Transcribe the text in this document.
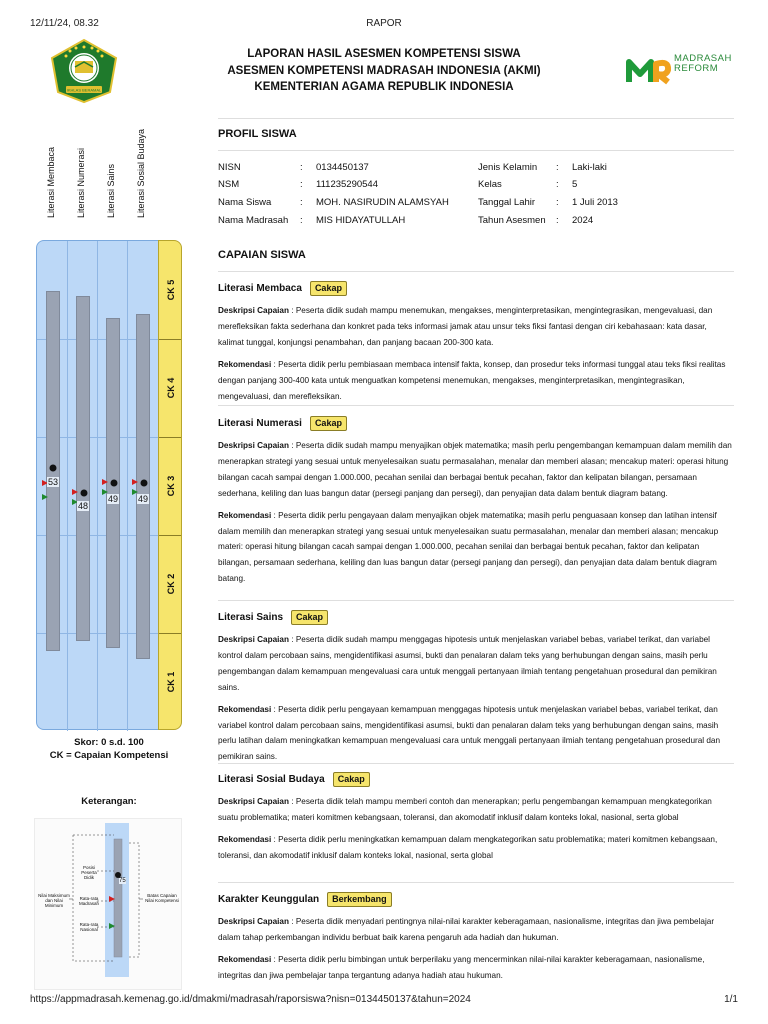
12/11/24, 08.32	RAPOR
IKHLAS BERAMAL
LAPORAN HASIL ASESMEN KOMPETENSI SISWA
ASESMEN KOMPETENSI MADRASAH INDONESIA (AKMI)
KEMENTERIAN AGAMA REPUBLIK INDONESIA
MADRASAH
REFORM
Literasi Membaca Literasi Numerasi Literasi Sains Literasi Sosial Budaya
53
48
49 49
CK 5
CK 4
CK 3
CK 2
CK 1
Skor: 0 s.d. 100
CK = Capaian Kompetensi
Keterangan:
75
Posisi Peserta Didik
Rata-rata Madrasah
Rata-rata Nasional
Nilai Maksimum dan Nilai Minimum
Batas Capaian Nilai Kompetensi
PROFIL SISWA
NISN	: 0134450137	Jenis Kelamin : Laki-laki
NSM	: 111235290544	Kelas	: 5
Nama Siswa	: MOH. NASIRUDIN ALAMSYAH	Tanggal Lahir : 1 Juli 2013
Nama Madrasah : MIS HIDAYATULLAH	Tahun Asesmen : 2024
CAPAIAN SISWA
Literasi Membaca	Cakap

Deskripsi Capaian : Peserta didik sudah mampu menemukan, mengakses, menginterpretasikan, mengintegrasikan, mengevaluasi, dan merefleksikan fakta sederhana dan konkret pada teks informasi jamak atau unsur teks fiksi fantasi dengan ciri kebahasaan: kata dasar, kalimat tunggal, konjungsi penambahan, dan panjang bacaan 200-300 kata.

Rekomendasi : Peserta didik perlu pembiasaan membaca intensif fakta, konsep, dan prosedur teks informasi tunggal atau teks fiksi realitas dengan panjang 300-400 kata untuk menguatkan kompetensi menemukan, mengakses, menginterpretasikan, mengintegrasikan, mengevaluasi, dan merefleksikan.

Literasi Numerasi	Cakap

Deskripsi Capaian : Peserta didik sudah mampu menyajikan objek matematika; masih perlu pengembangan kemampuan dalam memilih dan menerapkan strategi yang sesuai untuk menyelesaikan suatu permasalahan, menalar dan memberi alasan; mencakup materi: operasi hitung bilangan cacah sampai dengan 1.000.000, pecahan senilai dan berbagai bentuk pecahan, faktor dan kelipatan bilangan, persamaan sederhana, keliling dan luas bangun datar (persegi panjang dan persegi), dan penyajian data dalam bentuk diagram batang.

Rekomendasi : Peserta didik perlu pengayaan dalam menyajikan objek matematika; masih perlu penguasaan konsep dan latihan intensif dalam memilih dan menerapkan strategi yang sesuai untuk menyelesaikan suatu permasalahan, menalar dan memberi alasan; mencakup materi: operasi hitung bilangan cacah sampai dengan 1.000.000, pecahan senilai dan berbagai bentuk pecahan, faktor dan kelipatan bilangan, persamaan sederhana, keliling dan luas bangun datar (persegi panjang dan persegi), dan penyajian data dalam bentuk diagram batang.

Literasi Sains	Cakap

Deskripsi Capaian : Peserta didik sudah mampu menggagas hipotesis untuk menjelaskan variabel bebas, variabel terikat, dan variabel kontrol dalam percobaan sains, mengidentifikasi asumsi, bukti dan penalaran dalam teks yang berhubungan dengan sains, masih perlu pengembangan dalam kemampuan mengevaluasi cara untuk menggali pertanyaan ilmiah tentang pengetahuan prosedural dan pemikiran sains.

Rekomendasi : Peserta didik perlu pengayaan kemampuan menggagas hipotesis untuk menjelaskan variabel bebas, variabel terikat, dan variabel kontrol dalam percobaan sains, mengidentifikasi asumsi, bukti dan penalaran dalam teks yang berhubungan dengan sains, masih perlu latihan dalam meningkatkan kemampuan mengevaluasi cara untuk menggali pertanyaan ilmiah tentang pengetahuan prosedural dan pemikiran sains.

Literasi Sosial Budaya	Cakap

Deskripsi Capaian : Peserta didik telah mampu memberi contoh dan menerapkan; perlu pengembangan kemampuan mengkategorikan suatu problematika; materi komitmen kebangsaan, toleransi, dan akomodatif inklusif dalam konteks lokal, nasional, serta global

Rekomendasi : Peserta didik perlu meningkatkan kemampuan dalam mengkategorikan satu problematika; materi komitmen kebangsaan, toleransi, dan akomodatif inklusif dalam konteks lokal, nasional, serta global

Karakter Keunggulan	Berkembang

Deskripsi Capaian : Peserta didik menyadari pentingnya nilai-nilai karakter keberagamaan, nasionalisme, integritas dan jiwa pembelajar dalam tahap perkembangan individu berbuat baik karena pengaruh ada hadiah dan hukuman.

Rekomendasi : Peserta didik perlu bimbingan untuk berperilaku yang mencerminkan nilai-nilai karakter keberagamaan, nasionalisme, integritas dan jiwa pembelajar tanpa tergantung adanya hadiah atau hukuman.

https://appmadrasah.kemenag.go.id/dmakmi/madrasah/raporsiswa?nisn=0134450137&tahun=2024	1/1
